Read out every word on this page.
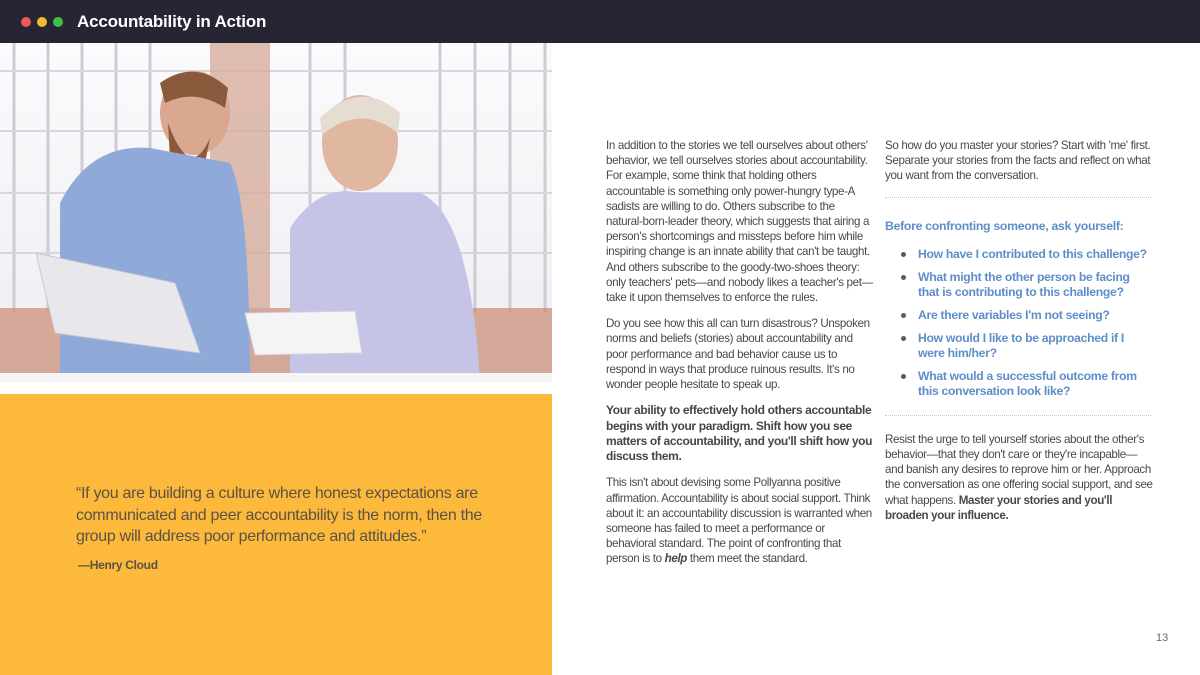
Accountability in Action

“If you are building a culture where honest expectations are communicated and peer accountability is the norm, then the group will address poor performance and attitudes.”

—Henry Cloud

In addition to the stories we tell ourselves about others' behavior, we tell ourselves stories about accountability. For example, some think that holding others accountable is something only power-hungry type-A sadists are willing to do. Others subscribe to the natural-born-leader theory, which suggests that airing a person's shortcomings and missteps before him while inspiring change is an innate ability that can't be taught. And others subscribe to the goody-two-shoes theory: only teachers' pets—and nobody likes a teacher's pet—take it upon themselves to enforce the rules.

Do you see how this all can turn disastrous? Unspoken norms and beliefs (stories) about accountability and poor performance and bad behavior cause us to respond in ways that produce ruinous results. It's no wonder people hesitate to speak up.

Your ability to effectively hold others accountable begins with your paradigm. Shift how you see matters of accountability, and you'll shift how you discuss them.

This isn't about devising some Pollyanna positive affirmation. Accountability is about social support. Think about it: an accountability discussion is warranted when someone has failed to meet a performance or behavioral standard. The point of confronting that person is to help them meet the standard.

So how do you master your stories? Start with 'me' first. Separate your stories from the facts and reflect on what you want from the conversation.

Before confronting someone, ask yourself:
How have I contributed to this challenge?
What might the other person be facing that is contributing to this challenge?
Are there variables I'm not seeing?
How would I like to be approached if I were him/her?
What would a successful outcome from this conversation look like?

Resist the urge to tell yourself stories about the other's behavior—that they don't care or they're incapable—and banish any desires to reprove him or her. Approach the conversation as one offering social support, and see what happens. Master your stories and you'll broaden your influence.

13
